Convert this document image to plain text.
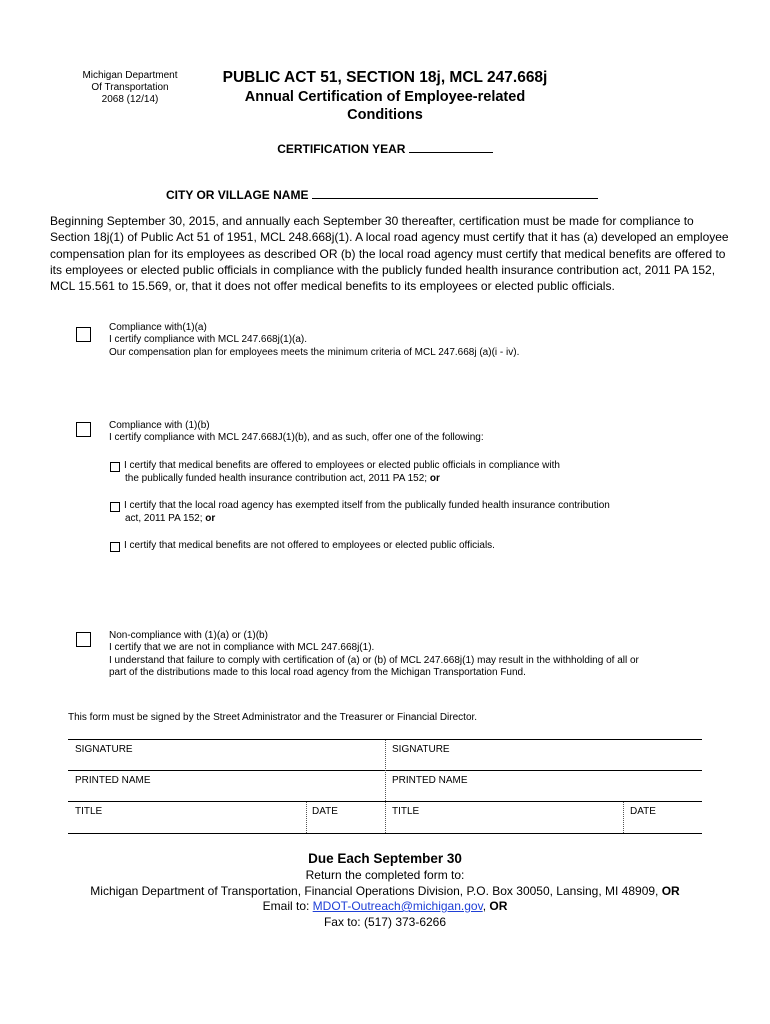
Michigan Department
Of Transportation
2068 (12/14)
PUBLIC ACT 51, SECTION 18j, MCL 247.668j
Annual Certification of Employee-related
Conditions
CERTIFICATION YEAR
CITY OR VILLAGE NAME
Beginning September 30, 2015, and annually each September 30 thereafter, certification must be made for compliance to Section 18j(1) of Public Act 51 of 1951, MCL 248.668j(1). A local road agency must certify that it has (a) developed an employee compensation plan for its employees as described OR (b) the local road agency must certify that medical benefits are offered to its employees or elected public officials in compliance with the publicly funded health insurance contribution act, 2011 PA 152, MCL 15.561 to 15.569, or, that it does not offer medical benefits to its employees or elected public officials.
Compliance with(1)(a)
I certify compliance with MCL 247.668j(1)(a).
Our compensation plan for employees meets the minimum criteria of MCL 247.668j (a)(i - iv).
Compliance with (1)(b)
I certify compliance with MCL 247.668J(1)(b), and as such, offer one of the following:
I certify that medical benefits are offered to employees or elected public officials in compliance with
the publically funded health insurance contribution act, 2011 PA 152; or
I certify that the local road agency has exempted itself from the publically funded health insurance contribution
act, 2011 PA 152; or
I certify that medical benefits are not offered to employees or elected public officials.
Non-compliance with (1)(a) or (1)(b)
I certify that we are not in compliance with MCL 247.668j(1).
I understand that failure to comply with certification of (a) or (b) of MCL 247.668j(1) may result in the withholding of all or
part of the distributions made to this local road agency from the Michigan Transportation Fund.
This form must be signed by the Street Administrator and the Treasurer or Financial Director.
SIGNATURE	SIGNATURE
PRINTED NAME	PRINTED NAME
TITLE	DATE	TITLE	DATE
Due Each September 30
Return the completed form to:
Michigan Department of Transportation, Financial Operations Division, P.O. Box 30050, Lansing, MI 48909, OR
Email to: MDOT-Outreach@michigan.gov, OR
Fax to: (517) 373-6266
